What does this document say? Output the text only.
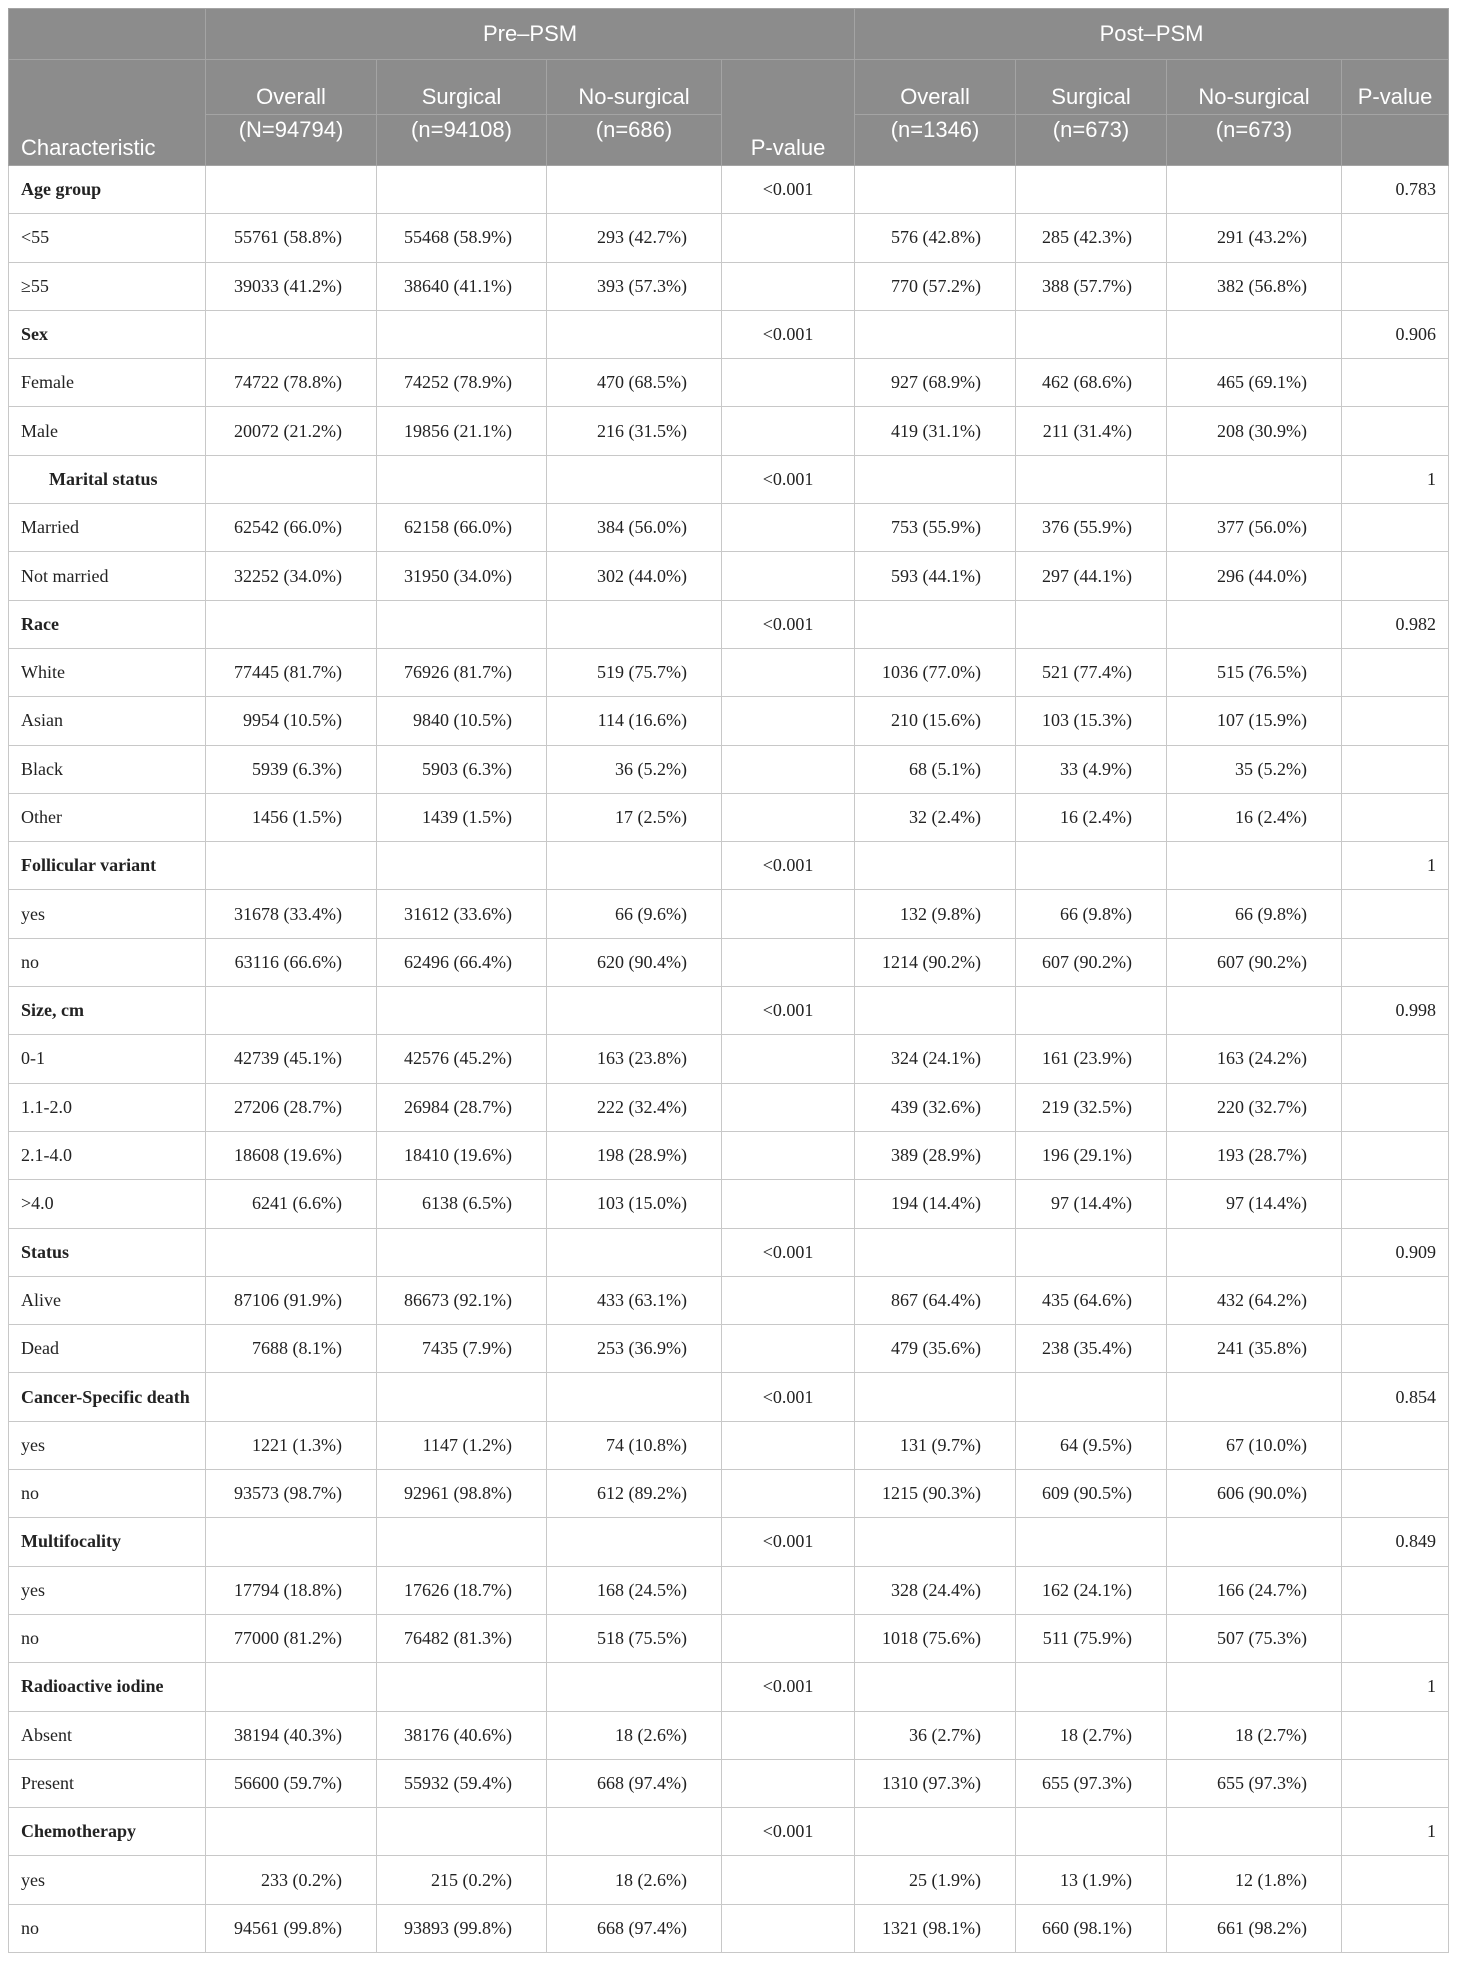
	Pre–PSM				Post–PSM			
Characteristic	Overall	Surgical	No-surgical	P-value	Overall	Surgical	No-surgical	P-value
	(N=94794)	(n=94108)	(n=686)		(n=1346)	(n=673)	(n=673)	
Age group				<0.001				0.783
<55	55761 (58.8%)	55468 (58.9%)	293 (42.7%)		576 (42.8%)	285 (42.3%)	291 (43.2%)	
≥55	39033 (41.2%)	38640 (41.1%)	393 (57.3%)		770 (57.2%)	388 (57.7%)	382 (56.8%)	
Sex				<0.001				0.906
Female	74722 (78.8%)	74252 (78.9%)	470 (68.5%)		927 (68.9%)	462 (68.6%)	465 (69.1%)	
Male	20072 (21.2%)	19856 (21.1%)	216 (31.5%)		419 (31.1%)	211 (31.4%)	208 (30.9%)	
Marital status				<0.001				1
Married	62542 (66.0%)	62158 (66.0%)	384 (56.0%)		753 (55.9%)	376 (55.9%)	377 (56.0%)	
Not married	32252 (34.0%)	31950 (34.0%)	302 (44.0%)		593 (44.1%)	297 (44.1%)	296 (44.0%)	
Race				<0.001				0.982
White	77445 (81.7%)	76926 (81.7%)	519 (75.7%)		1036 (77.0%)	521 (77.4%)	515 (76.5%)	
Asian	9954 (10.5%)	9840 (10.5%)	114 (16.6%)		210 (15.6%)	103 (15.3%)	107 (15.9%)	
Black	5939 (6.3%)	5903 (6.3%)	36 (5.2%)		68 (5.1%)	33 (4.9%)	35 (5.2%)	
Other	1456 (1.5%)	1439 (1.5%)	17 (2.5%)		32 (2.4%)	16 (2.4%)	16 (2.4%)	
Follicular variant				<0.001				1
yes	31678 (33.4%)	31612 (33.6%)	66 (9.6%)		132 (9.8%)	66 (9.8%)	66 (9.8%)	
no	63116 (66.6%)	62496 (66.4%)	620 (90.4%)		1214 (90.2%)	607 (90.2%)	607 (90.2%)	
Size, cm				<0.001				0.998
0-1	42739 (45.1%)	42576 (45.2%)	163 (23.8%)		324 (24.1%)	161 (23.9%)	163 (24.2%)	
1.1-2.0	27206 (28.7%)	26984 (28.7%)	222 (32.4%)		439 (32.6%)	219 (32.5%)	220 (32.7%)	
2.1-4.0	18608 (19.6%)	18410 (19.6%)	198 (28.9%)		389 (28.9%)	196 (29.1%)	193 (28.7%)	
>4.0	6241 (6.6%)	6138 (6.5%)	103 (15.0%)		194 (14.4%)	97 (14.4%)	97 (14.4%)	
Status				<0.001				0.909
Alive	87106 (91.9%)	86673 (92.1%)	433 (63.1%)		867 (64.4%)	435 (64.6%)	432 (64.2%)	
Dead	7688 (8.1%)	7435 (7.9%)	253 (36.9%)		479 (35.6%)	238 (35.4%)	241 (35.8%)	
Cancer-Specific death				<0.001				0.854
yes	1221 (1.3%)	1147 (1.2%)	74 (10.8%)		131 (9.7%)	64 (9.5%)	67 (10.0%)	
no	93573 (98.7%)	92961 (98.8%)	612 (89.2%)		1215 (90.3%)	609 (90.5%)	606 (90.0%)	
Multifocality				<0.001				0.849
yes	17794 (18.8%)	17626 (18.7%)	168 (24.5%)		328 (24.4%)	162 (24.1%)	166 (24.7%)	
no	77000 (81.2%)	76482 (81.3%)	518 (75.5%)		1018 (75.6%)	511 (75.9%)	507 (75.3%)	
Radioactive iodine				<0.001				1
Absent	38194 (40.3%)	38176 (40.6%)	18 (2.6%)		36 (2.7%)	18 (2.7%)	18 (2.7%)	
Present	56600 (59.7%)	55932 (59.4%)	668 (97.4%)		1310 (97.3%)	655 (97.3%)	655 (97.3%)	
Chemotherapy				<0.001				1
yes	233 (0.2%)	215 (0.2%)	18 (2.6%)		25 (1.9%)	13 (1.9%)	12 (1.8%)	
no	94561 (99.8%)	93893 (99.8%)	668 (97.4%)		1321 (98.1%)	660 (98.1%)	661 (98.2%)	
